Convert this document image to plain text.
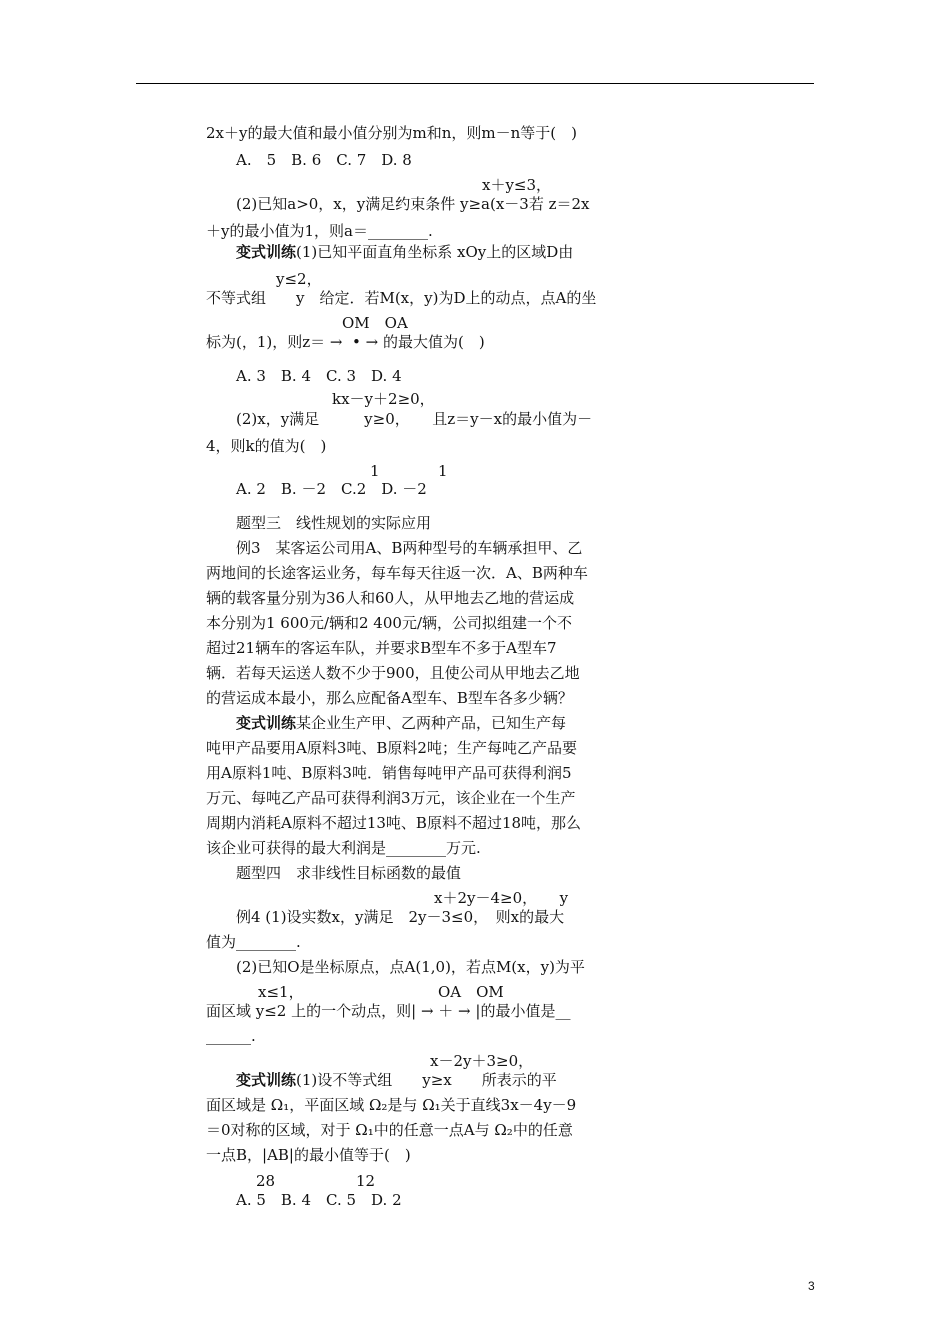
2x＋y的最大值和最小值分别为m和n，则m－n等于(　)
A.　5　B. 6　C. 7　D. 8
x＋y≤3，
(2)已知a>0，x，y满足约束条件 y≥a(x－3若 z＝2x
＋y的最小值为1，则a＝________.
变式训练(1)已知平面直角坐标系 xOy上的区域D由
y≤2，
不等式组　　y　给定．若M(x，y)为D上的动点，点A的坐
OM　OA
标为(，1)，则z＝ →  • → 的最大值为(　)
A. 3　B. 4　C. 3　D. 4
kx－y＋2≥0，
(2)x，y满足　　　y≥0，　　且z＝y－x的最小值为－
4，则k的值为(　)
1	1
A. 2　B. －2　C.2　D. －2
题型三　线性规划的实际应用
例3　某客运公司用A、B两种型号的车辆承担甲、乙
两地间的长途客运业务，每车每天往返一次．A、B两种车
辆的载客量分别为36人和60人，从甲地去乙地的营运成
本分别为1 600元/辆和2 400元/辆，公司拟组建一个不
超过21辆车的客运车队，并要求B型车不多于A型车7
辆．若每天运送人数不少于900，且使公司从甲地去乙地
的营运成本最小，那么应配备A型车、B型车各多少辆？
变式训练某企业生产甲、乙两种产品，已知生产每
吨甲产品要用A原料3吨、B原料2吨；生产每吨乙产品要
用A原料1吨、B原料3吨．销售每吨甲产品可获得利润5
万元、每吨乙产品可获得利润3万元，该企业在一个生产
周期内消耗A原料不超过13吨、B原料不超过18吨，那么
该企业可获得的最大利润是________万元.
题型四　求非线性目标函数的最值
x＋2y－4≥0，　　y
例4 (1)设实数x，y满足　2y－3≤0，　则x的最大
值为________.
(2)已知O是坐标原点，点A(1,0)，若点M(x，y)为平
x≤1，	OA　OM
面区域 y≤2 上的一个动点，则| → ＋ → |的最小值是__
______.
x－2y＋3≥0，
变式训练(1)设不等式组　　y≥x　　所表示的平
面区域是 Ω₁，平面区域 Ω₂是与 Ω₁关于直线3x－4y－9
＝0对称的区域，对于 Ω₁中的任意一点A与 Ω₂中的任意
一点B，|AB|的最小值等于(　)
28	12
A. 5　B. 4　C. 5　D. 2
3
